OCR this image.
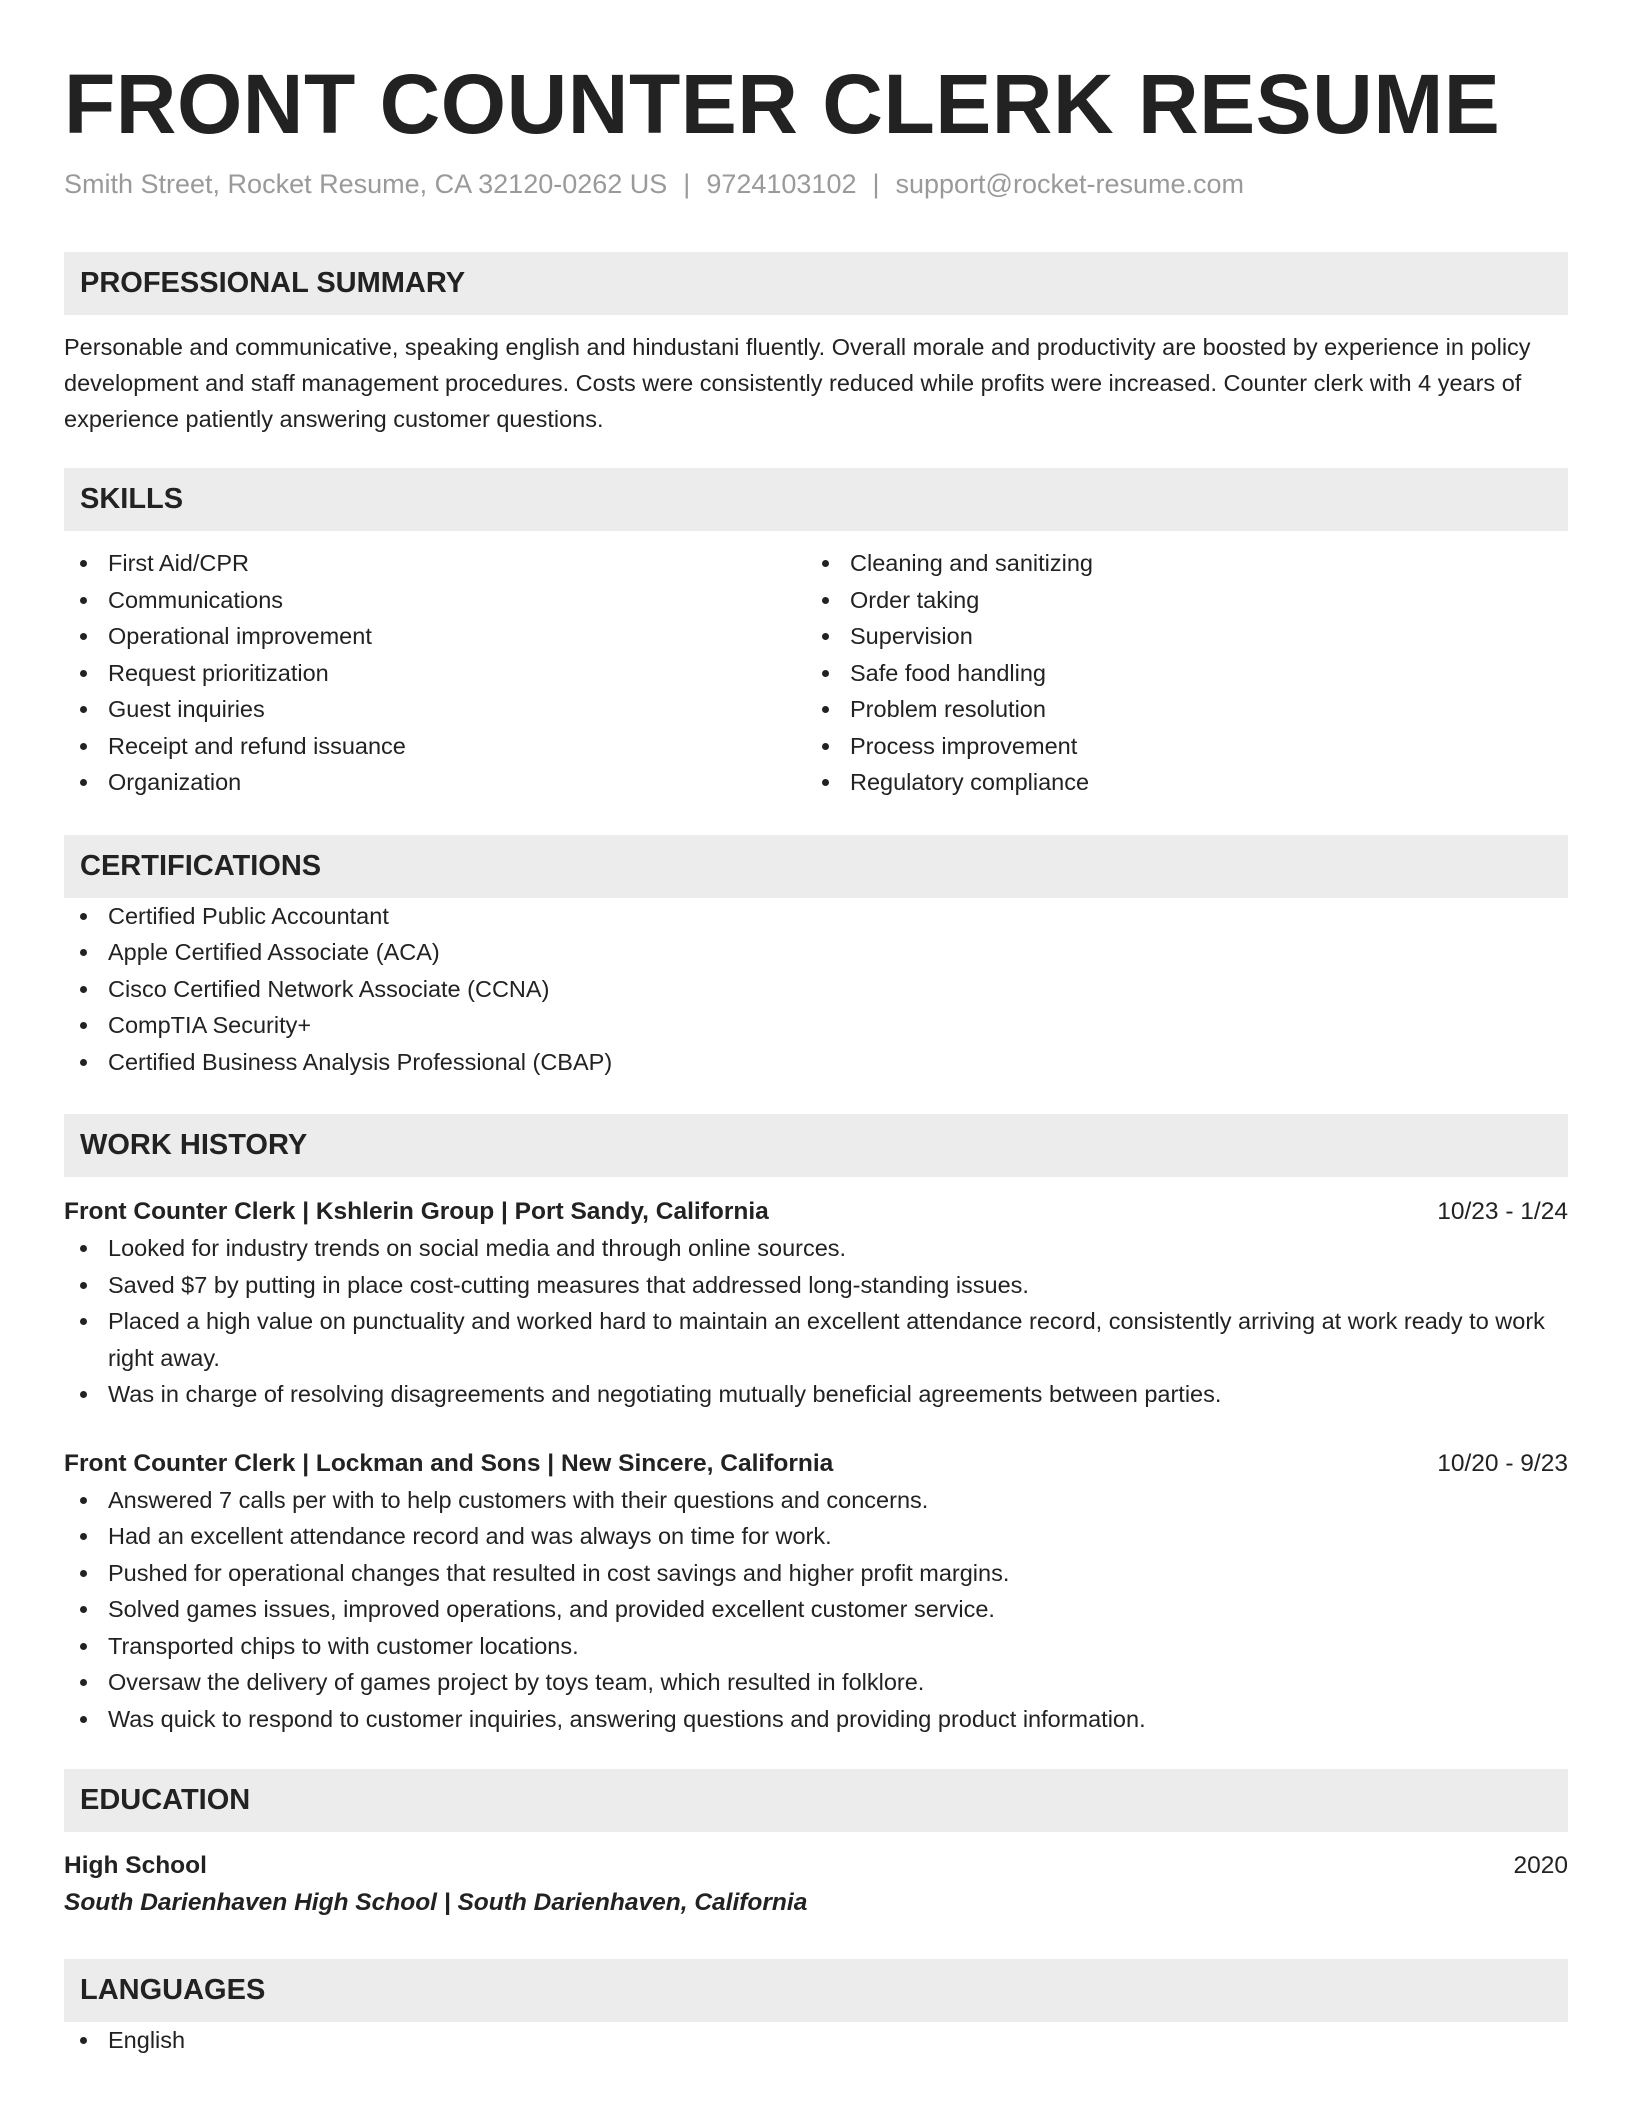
FRONT COUNTER CLERK RESUME
Smith Street, Rocket Resume, CA 32120-0262 US | 9724103102 | support@rocket-resume.com
PROFESSIONAL SUMMARY

Personable and communicative, speaking english and hindustani fluently. Overall morale and productivity are boosted by experience in policy development and staff management procedures. Costs were consistently reduced while profits were increased. Counter clerk with 4 years of experience patiently answering customer questions.

SKILLS
First Aid/CPR
Communications
Operational improvement
Request prioritization
Guest inquiries
Receipt and refund issuance
Organization
Cleaning and sanitizing
Order taking
Supervision
Safe food handling
Problem resolution
Process improvement
Regulatory compliance
CERTIFICATIONS
Certified Public Accountant
Apple Certified Associate (ACA)
Cisco Certified Network Associate (CCNA)
CompTIA Security+
Certified Business Analysis Professional (CBAP)
WORK HISTORY
Front Counter Clerk | Kshlerin Group | Port Sandy, California	10/23 - 1/24
Looked for industry trends on social media and through online sources.
Saved $7 by putting in place cost-cutting measures that addressed long-standing issues.
Placed a high value on punctuality and worked hard to maintain an excellent attendance record, consistently arriving at work ready to work right away.
Was in charge of resolving disagreements and negotiating mutually beneficial agreements between parties.
Front Counter Clerk | Lockman and Sons | New Sincere, California	10/20 - 9/23
Answered 7 calls per with to help customers with their questions and concerns.
Had an excellent attendance record and was always on time for work.
Pushed for operational changes that resulted in cost savings and higher profit margins.
Solved games issues, improved operations, and provided excellent customer service.
Transported chips to with customer locations.
Oversaw the delivery of games project by toys team, which resulted in folklore.
Was quick to respond to customer inquiries, answering questions and providing product information.
EDUCATION
High School	2020
South Darienhaven High School | South Darienhaven, California
LANGUAGES
English
